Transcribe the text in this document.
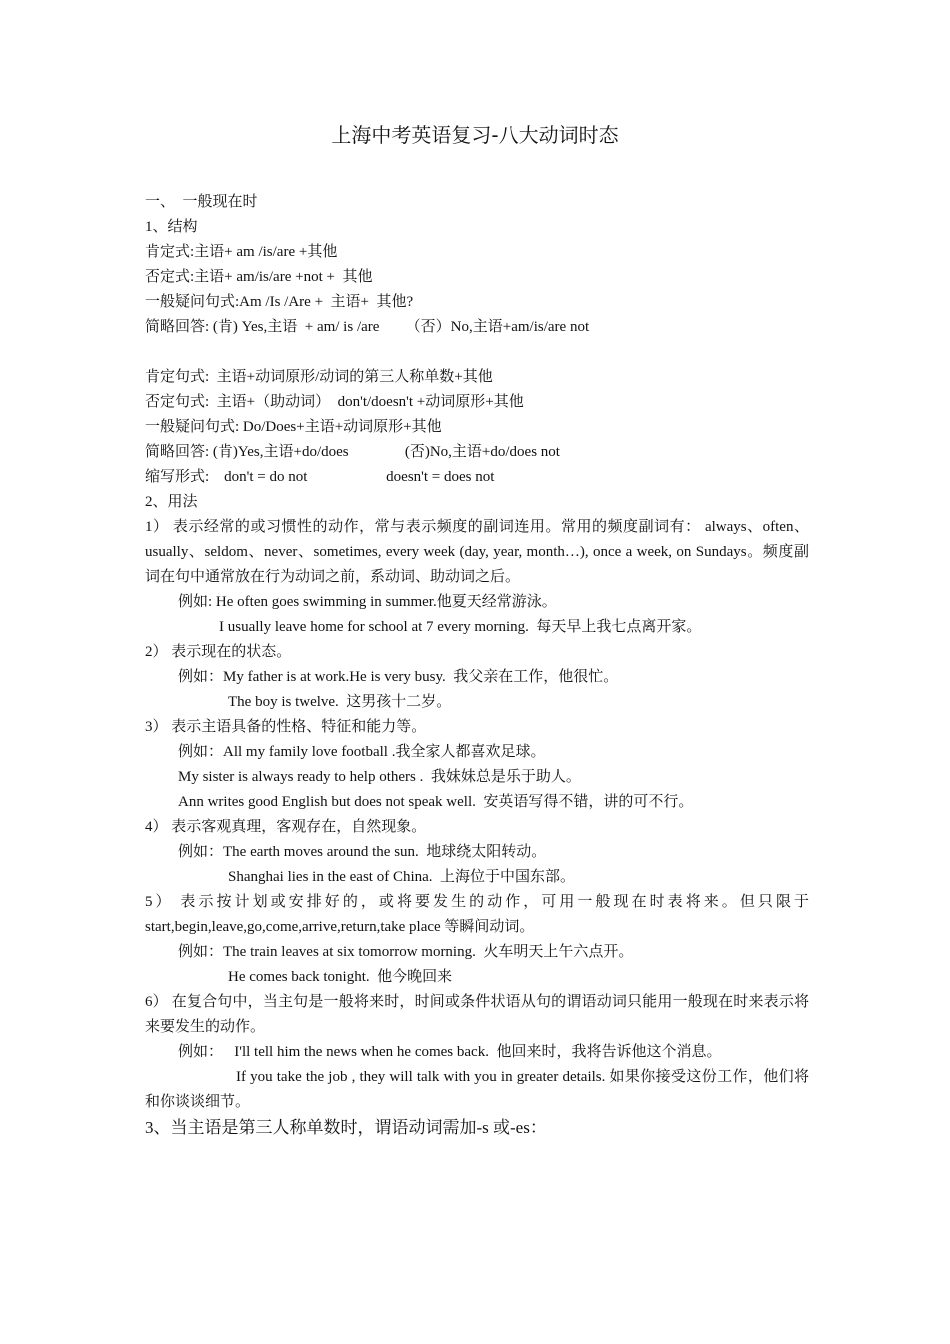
上海中考英语复习-八大动词时态
一、  一般现在时
1、结构
肯定式:主语+ am /is/are +其他
否定式:主语+ am/is/are +not +  其他
一般疑问句式:Am /Is /Are +  主语+  其他?
简略回答: (肯) Yes,主语  + am/ is /are       （否）No,主语+am/is/are not
肯定句式:  主语+动词原形/动词的第三人称单数+其他
否定句式:  主语+（助动词）  don't/doesn't +动词原形+其他
一般疑问句式: Do/Does+主语+动词原形+其他
简略回答: (肯)Yes,主语+do/does               (否)No,主语+do/does not
缩写形式:    don't = do not                     doesn't = does not
2、用法
1） 表示经常的或习惯性的动作，常与表示频度的副词连用。常用的频度副词有： always、often、 usually、seldom、never、sometimes, every week (day, year, month…), once a week, on Sundays。频度副词在句中通常放在行为动词之前，系动词、助动词之后。
例如: He often goes swimming in summer.他夏天经常游泳。
I usually leave home for school at 7 every morning.  每天早上我七点离开家。
2） 表示现在的状态。
例如：My father is at work.He is very busy.  我父亲在工作，他很忙。
The boy is twelve.  这男孩十二岁。
3） 表示主语具备的性格、特征和能力等。
例如：All my family love football .我全家人都喜欢足球。
My sister is always ready to help others .  我妹妹总是乐于助人。
Ann writes good English but does not speak well.  安英语写得不错，讲的可不行。
4） 表示客观真理，客观存在，自然现象。
例如：The earth moves around the sun.  地球绕太阳转动。
Shanghai lies in the east of China.  上海位于中国东部。
5） 表示按计划或安排好的，或将要发生的动作，可用一般现在时表将来。但只限于start,begin,leave,go,come,arrive,return,take place 等瞬间动词。
例如：The train leaves at six tomorrow morning.  火车明天上午六点开。
He comes back tonight.  他今晚回来
6） 在复合句中，当主句是一般将来时，时间或条件状语从句的谓语动词只能用一般现在时来表示将来要发生的动作。
例如：   I'll tell him the news when he comes back.  他回来时，我将告诉他这个消息。
If you take the job , they will talk with you in greater details. 如果你接受这份工作，他们将和你谈谈细节。
3、当主语是第三人称单数时，谓语动词需加-s 或-es：
